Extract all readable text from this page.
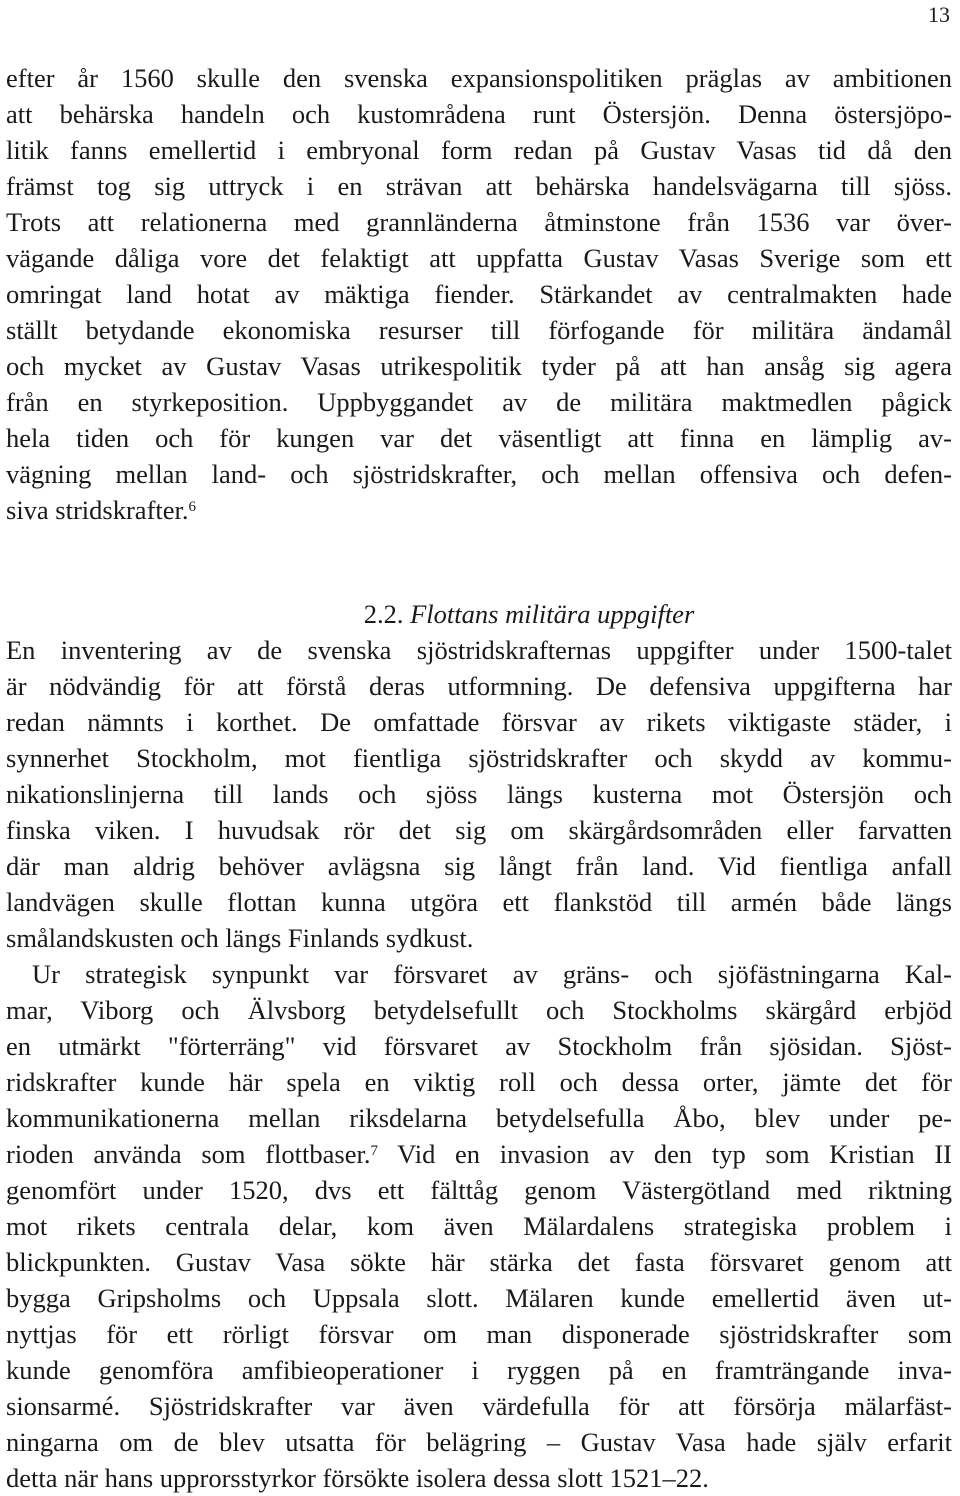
13
efter år 1560 skulle den svenska expansionspolitiken präglas av ambitionen
att behärska handeln och kustområdena runt Östersjön. Denna östersjöpo-
litik fanns emellertid i embryonal form redan på Gustav Vasas tid då den
främst tog sig uttryck i en strävan att behärska handelsvägarna till sjöss.
Trots att relationerna med grannländerna åtminstone från 1536 var över-
vägande dåliga vore det felaktigt att uppfatta Gustav Vasas Sverige som ett
omringat land hotat av mäktiga fiender. Stärkandet av centralmakten hade
ställt betydande ekonomiska resurser till förfogande för militära ändamål
och mycket av Gustav Vasas utrikespolitik tyder på att han ansåg sig agera
från en styrkeposition. Uppbyggandet av de militära maktmedlen pågick
hela tiden och för kungen var det väsentligt att finna en lämplig av-
vägning mellan land- och sjöstridskrafter, och mellan offensiva och defen-
siva stridskrafter.$^6$
2.2. Flottans militära uppgifter
En inventering av de svenska sjöstridskrafternas uppgifter under 1500-talet
är nödvändig för att förstå deras utformning. De defensiva uppgifterna har
redan nämnts i korthet. De omfattade försvar av rikets viktigaste städer, i
synnerhet Stockholm, mot fientliga sjöstridskrafter och skydd av kommu-
nikationslinjerna till lands och sjöss längs kusterna mot Östersjön och
finska viken. I huvudsak rör det sig om skärgårdsområden eller farvatten
där man aldrig behöver avlägsna sig långt från land. Vid fientliga anfall
landvägen skulle flottan kunna utgöra ett flankstöd till armén både längs
smålandskusten och längs Finlands sydkust.
Ur strategisk synpunkt var försvaret av gräns- och sjöfästningarna Kal-
mar, Viborg och Älvsborg betydelsefullt och Stockholms skärgård erbjöd
en utmärkt "förterräng" vid försvaret av Stockholm från sjösidan. Sjöst-
ridskrafter kunde här spela en viktig roll och dessa orter, jämte det för
kommunikationerna mellan riksdelarna betydelsefulla Åbo, blev under pe-
rioden använda som flottbaser.$^7$ Vid en invasion av den typ som Kristian II
genomfört under 1520, dvs ett fälttåg genom Västergötland med riktning
mot rikets centrala delar, kom även Mälardalens strategiska problem i
blickpunkten. Gustav Vasa sökte här stärka det fasta försvaret genom att
bygga Gripsholms och Uppsala slott. Mälaren kunde emellertid även ut-
nyttjas för ett rörligt försvar om man disponerade sjöstridskrafter som
kunde genomföra amfibieoperationer i ryggen på en framträngande inva-
sionsarmé. Sjöstridskrafter var även värdefulla för att försörja mälarfäst-
ningarna om de blev utsatta för belägring – Gustav Vasa hade själv erfarit
detta när hans upprorsstyrkor försökte isolera dessa slott 1521–22.
